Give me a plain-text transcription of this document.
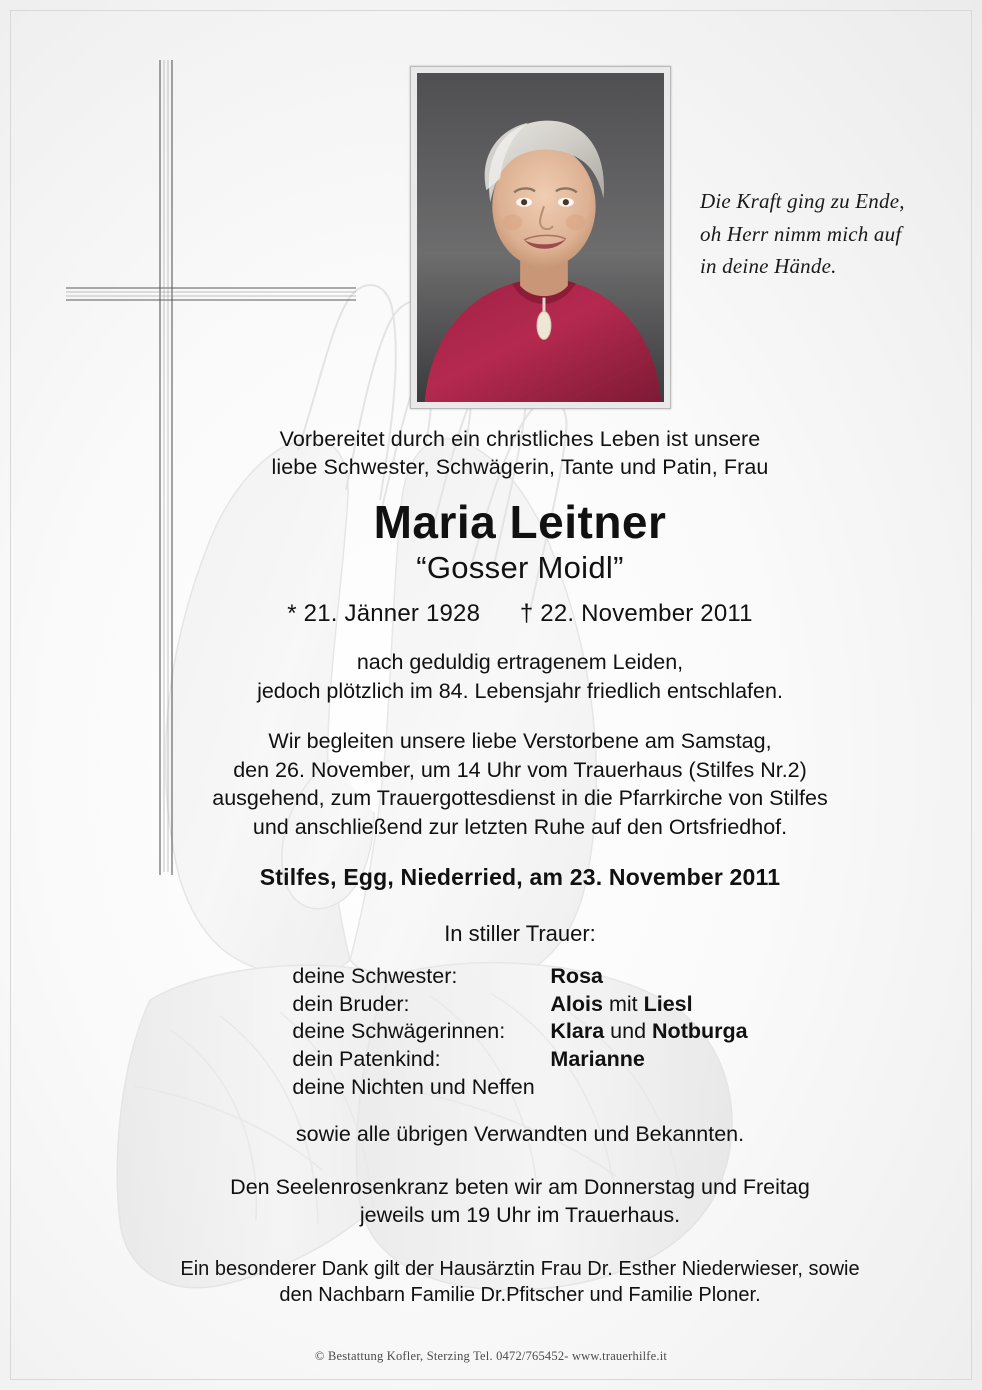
Die Kraft ging zu Ende,
oh Herr nimm mich auf
in deine Hände.
Vorbereitet durch ein christliches Leben ist unsere
liebe Schwester, Schwägerin, Tante und Patin, Frau
Maria Leitner
“Gosser Moidl”
* 21. Jänner 1928 † 22. November 2011
nach geduldig ertragenem Leiden,
jedoch plötzlich im 84. Lebensjahr friedlich entschlafen.
Wir begleiten unsere liebe Verstorbene am Samstag,
den 26. November, um 14 Uhr vom Trauerhaus (Stilfes Nr.2)
ausgehend, zum Trauergottesdienst in die Pfarrkirche von Stilfes
und anschließend zur letzten Ruhe auf den Ortsfriedhof.
Stilfes, Egg, Niederried, am 23. November 2011
In stiller Trauer:
deine Schwester:	Rosa
dein Bruder:	Alois mit Liesl
deine Schwägerinnen:	Klara und Notburga
dein Patenkind:	Marianne
deine Nichten und Neffen
sowie alle übrigen Verwandten und Bekannten.
Den Seelenrosenkranz beten wir am Donnerstag und Freitag
jeweils um 19 Uhr im Trauerhaus.
Ein besonderer Dank gilt der Hausärztin Frau Dr. Esther Niederwieser, sowie
den Nachbarn Familie Dr.Pfitscher und Familie Ploner.
© Bestattung Kofler, Sterzing Tel. 0472/765452- www.trauerhilfe.it
